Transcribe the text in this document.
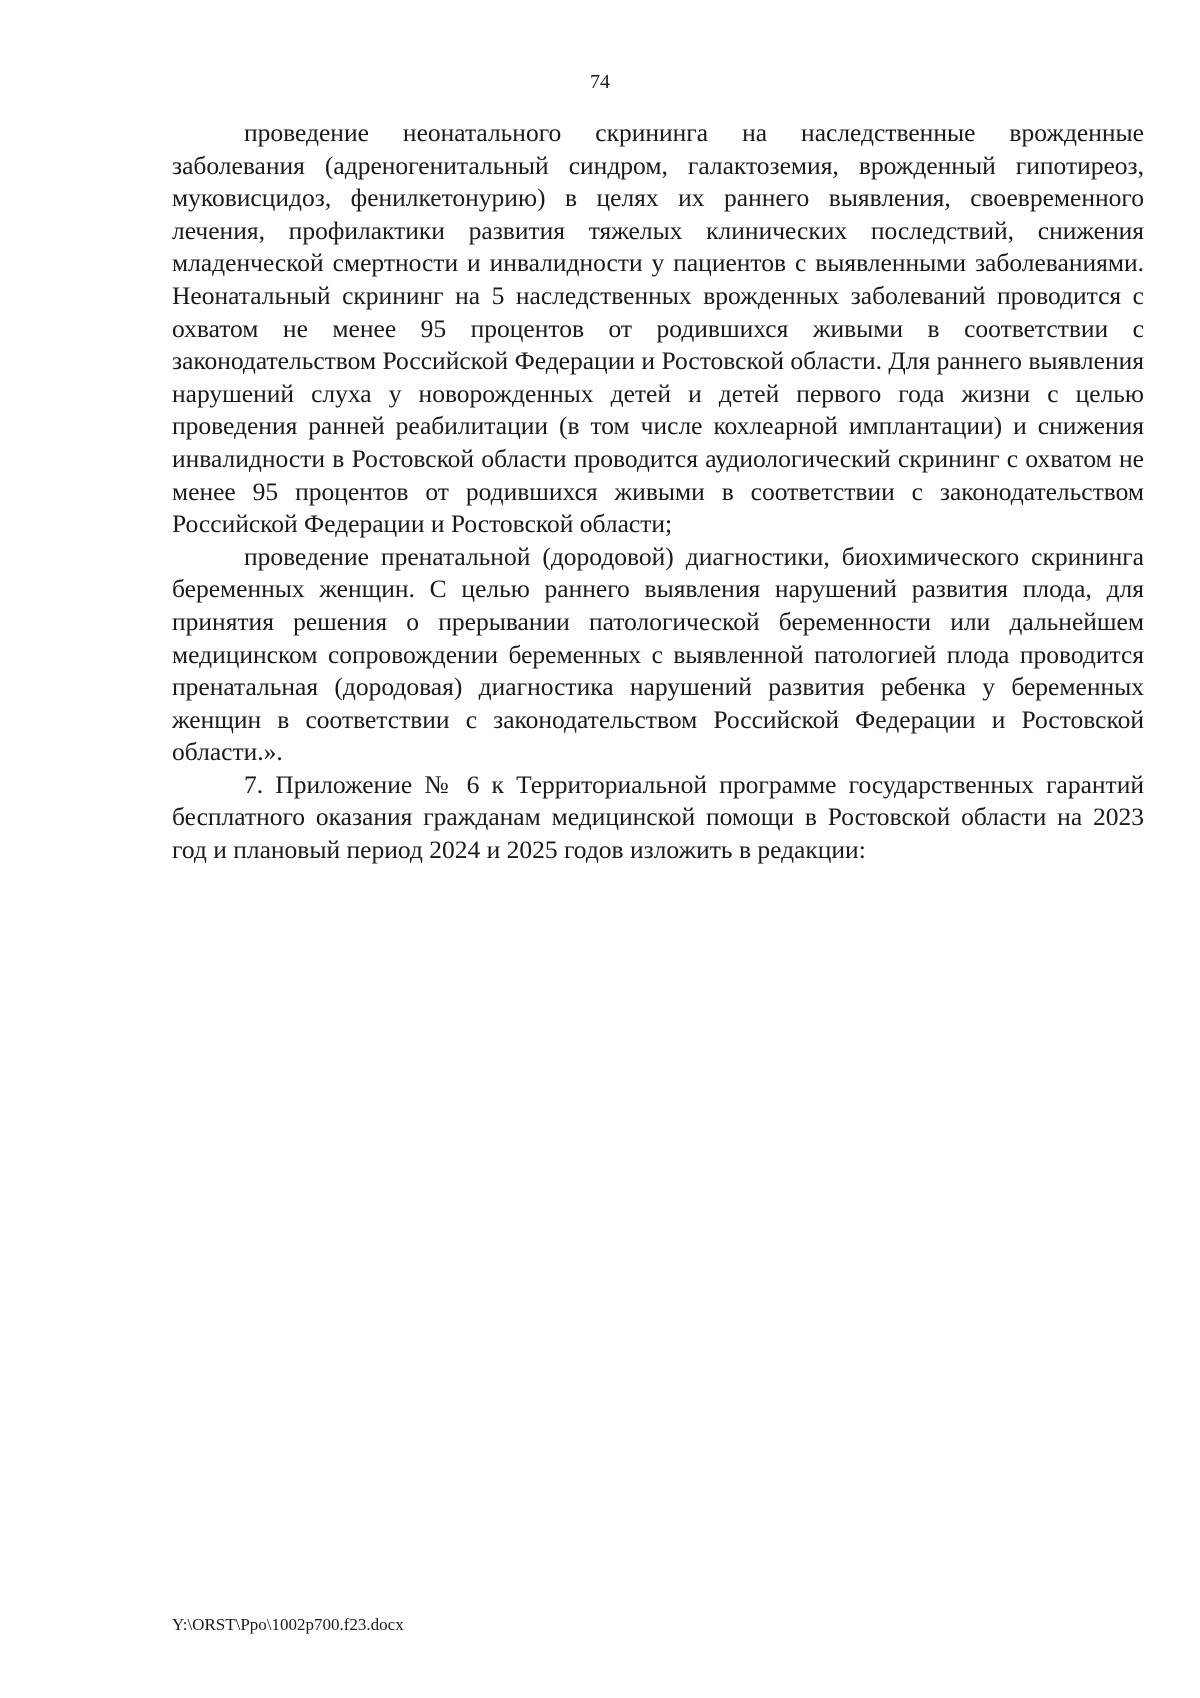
74

проведение неонатального скрининга на наследственные врожденные заболевания (адреногенитальный синдром, галактоземия, врожденный гипотиреоз, муковисцидоз, фенилкетонурию) в целях их раннего выявления, своевременного лечения, профилактики развития тяжелых клинических последствий, снижения младенческой смертности и инвалидности у пациентов с выявленными заболеваниями. Неонатальный скрининг на 5 наследственных врожденных заболеваний проводится с охватом не менее 95 процентов от родившихся живыми в соответствии с законодательством Российской Федерации и Ростовской области. Для раннего выявления нарушений слуха у новорожденных детей и детей первого года жизни с целью проведения ранней реабилитации (в том числе кохлеарной имплантации) и снижения инвалидности в Ростовской области проводится аудиологический скрининг с охватом не менее 95 процентов от родившихся живыми в соответствии с законодательством Российской Федерации и Ростовской области;

проведение пренатальной (дородовой) диагностики, биохимического скрининга беременных женщин. С целью раннего выявления нарушений развития плода, для принятия решения о прерывании патологической беременности или дальнейшем медицинском сопровождении беременных с выявленной патологией плода проводится пренатальная (дородовая) диагностика нарушений развития ребенка у беременных женщин в соответствии с законодательством Российской Федерации и Ростовской области.».

7. Приложение № 6 к Территориальной программе государственных гарантий бесплатного оказания гражданам медицинской помощи в Ростовской области на 2023 год и плановый период 2024 и 2025 годов изложить в редакции:

Y:\ORST\Ppo\1002p700.f23.docx
